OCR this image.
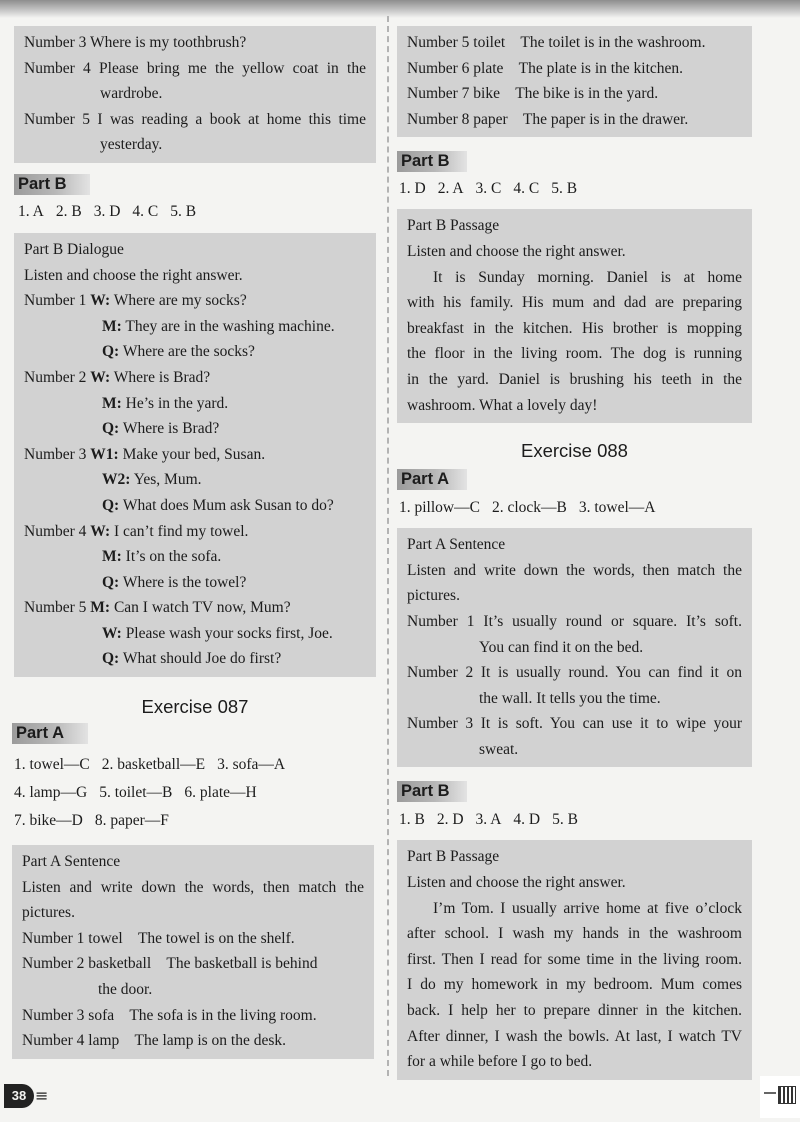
Number 3 Where is my toothbrush?
Number 4 Please bring me the yellow coat in the
wardrobe.
Number 5 I was reading a book at home this time
yesterday.
Part B
1. A 2. B 3. D 4. C 5. B
Part B Dialogue
Listen and choose the right answer.
Number 1 W: Where are my socks?
M: They are in the washing machine.
Q: Where are the socks?
Number 2 W: Where is Brad?
M: He’s in the yard.
Q: Where is Brad?
Number 3 W1: Make your bed, Susan.
W2: Yes, Mum.
Q: What does Mum ask Susan to do?
Number 4 W: I can’t find my towel.
M: It’s on the sofa.
Q: Where is the towel?
Number 5 M: Can I watch TV now, Mum?
W: Please wash your socks first, Joe.
Q: What should Joe do first?
Exercise 087
Part A
1. towel—C 2. basketball—E 3. sofa—A
4. lamp—G 5. toilet—B 6. plate—H
7. bike—D 8. paper—F
Part A Sentence
Listen and write down the words, then match the
pictures.
Number 1 towel    The towel is on the shelf.
Number 2 basketball    The basketball is behind
the door.
Number 3 sofa    The sofa is in the living room.
Number 4 lamp    The lamp is on the desk.
Number 5 toilet    The toilet is in the washroom.
Number 6 plate    The plate is in the kitchen.
Number 7 bike    The bike is in the yard.
Number 8 paper    The paper is in the drawer.
Part B
1. D 2. A 3. C 4. C 5. B
Part B Passage
Listen and choose the right answer.
It is Sunday morning. Daniel is at home
with his family. His mum and dad are preparing
breakfast in the kitchen. His brother is mopping
the floor in the living room. The dog is running
in the yard. Daniel is brushing his teeth in the
washroom. What a lovely day!
Exercise 088
Part A
1. pillow—C 2. clock—B 3. towel—A
Part A Sentence
Listen and write down the words, then match the
pictures.
Number 1 It’s usually round or square. It’s soft.
You can find it on the bed.
Number 2 It is usually round. You can find it on
the wall. It tells you the time.
Number 3 It is soft. You can use it to wipe your
sweat.
Part B
1. B 2. D 3. A 4. D 5. B
Part B Passage
Listen and choose the right answer.
I’m Tom. I usually arrive home at five o’clock
after school. I wash my hands in the washroom
first. Then I read for some time in the living room.
I do my homework in my bedroom. Mum comes
back. I help her to prepare dinner in the kitchen.
After dinner, I wash the bowls. At last, I watch TV
for a while before I go to bed.
38 ≡
